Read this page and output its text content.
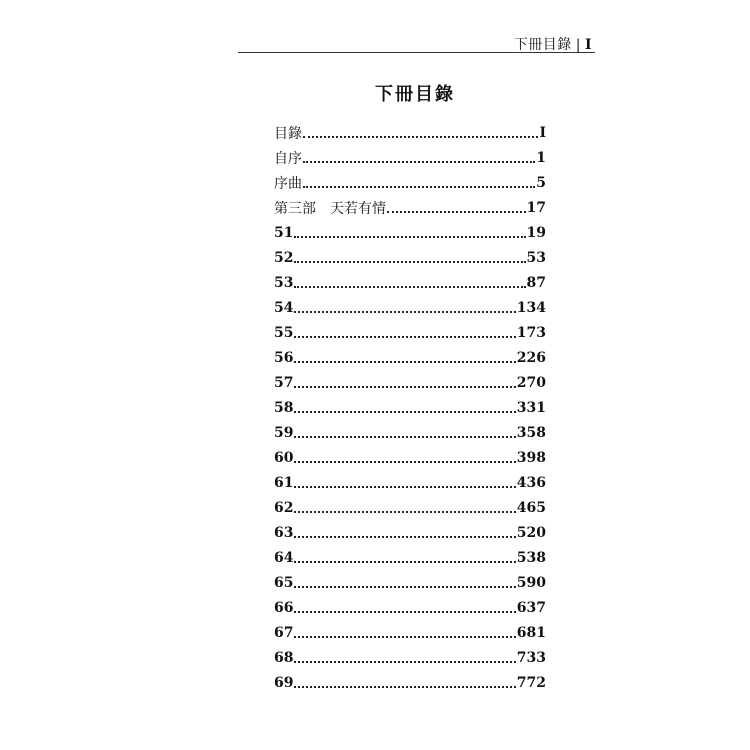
下冊目錄 | I
下冊目錄
目錄	I
自序	1
序曲	5
第三部　天若有情	17
51	19
52	53
53	87
54	134
55	173
56	226
57	270
58	331
59	358
60	398
61	436
62	465
63	520
64	538
65	590
66	637
67	681
68	733
69	772
